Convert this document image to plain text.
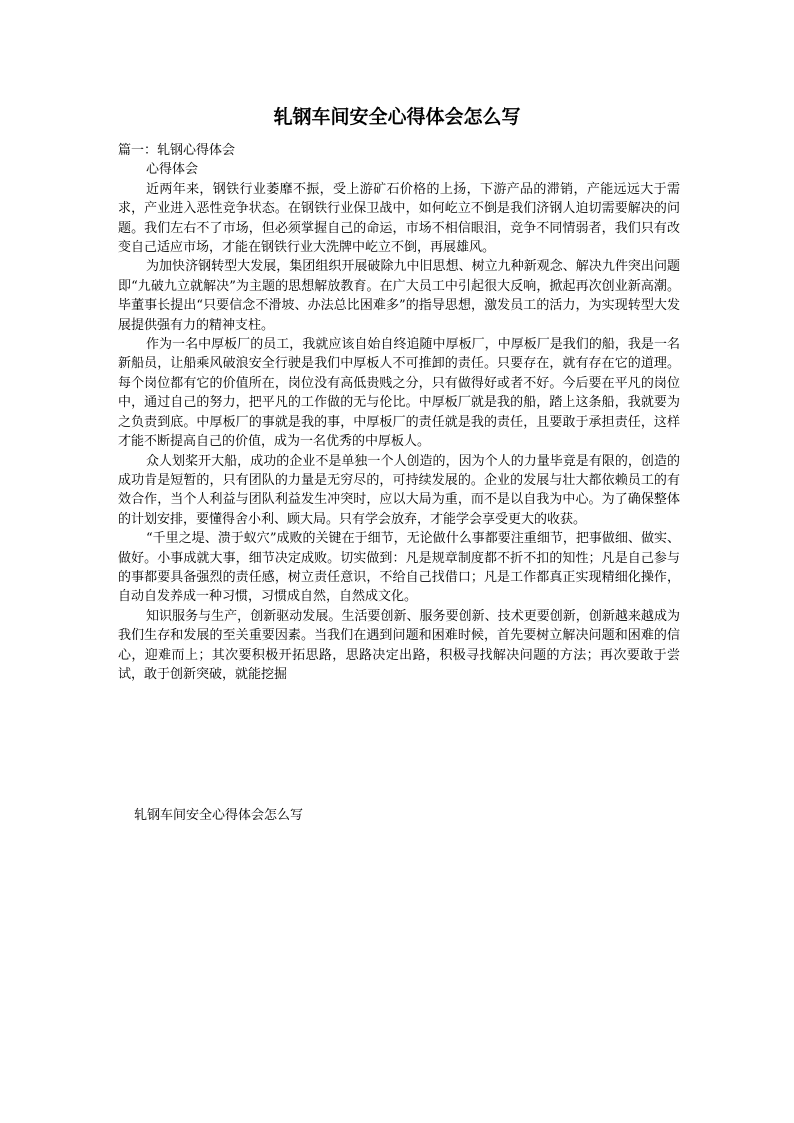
轧钢车间安全心得体会怎么写

篇一：轧钢心得体会

心得体会

近两年来，钢铁行业萎靡不振，受上游矿石价格的上扬，下游产品的滞销，产能远远大于需求，产业进入恶性竞争状态。在钢铁行业保卫战中，如何屹立不倒是我们济钢人迫切需要解决的问题。我们左右不了市场，但必须掌握自己的命运，市场不相信眼泪，竞争不同情弱者，我们只有改变自己适应市场，才能在钢铁行业大洗牌中屹立不倒，再展雄风。

为加快济钢转型大发展，集团组织开展破除九中旧思想、树立九种新观念、解决九件突出问题即“九破九立就解决”为主题的思想解放教育。在广大员工中引起很大反响，掀起再次创业新高潮。毕董事长提出“只要信念不滑坡、办法总比困难多”的指导思想，激发员工的活力，为实现转型大发展提供强有力的精神支柱。

作为一名中厚板厂的员工，我就应该自始自终追随中厚板厂，中厚板厂是我们的船，我是一名新船员，让船乘风破浪安全行驶是我们中厚板人不可推卸的责任。只要存在，就有存在它的道理。每个岗位都有它的价值所在，岗位没有高低贵贱之分，只有做得好或者不好。今后要在平凡的岗位中，通过自己的努力，把平凡的工作做的无与伦比。中厚板厂就是我的船，踏上这条船，我就要为之负责到底。中厚板厂的事就是我的事，中厚板厂的责任就是我的责任，且要敢于承担责任，这样才能不断提高自己的价值，成为一名优秀的中厚板人。

众人划桨开大船，成功的企业不是单独一个人创造的，因为个人的力量毕竟是有限的，创造的成功肯是短暂的，只有团队的力量是无穷尽的，可持续发展的。企业的发展与壮大都依赖员工的有效合作，当个人利益与团队利益发生冲突时，应以大局为重，而不是以自我为中心。为了确保整体的计划安排，要懂得舍小利、顾大局。只有学会放弃，才能学会享受更大的收获。

“千里之堤、溃于蚁穴”成败的关键在于细节，无论做什么事都要注重细节，把事做细、做实、做好。小事成就大事，细节决定成败。切实做到：凡是规章制度都不折不扣的知性；凡是自己参与的事都要具备强烈的责任感，树立责任意识，不给自己找借口；凡是工作都真正实现精细化操作，自动自发养成一种习惯，习惯成自然，自然成文化。

知识服务与生产，创新驱动发展。生活要创新、服务要创新、技术更要创新，创新越来越成为我们生存和发展的至关重要因素。当我们在遇到问题和困难时候，首先要树立解决问题和困难的信心，迎难而上；其次要积极开拓思路，思路决定出路，积极寻找解决问题的方法；再次要敢于尝试，敢于创新突破，就能挖掘

轧钢车间安全心得体会怎么写
